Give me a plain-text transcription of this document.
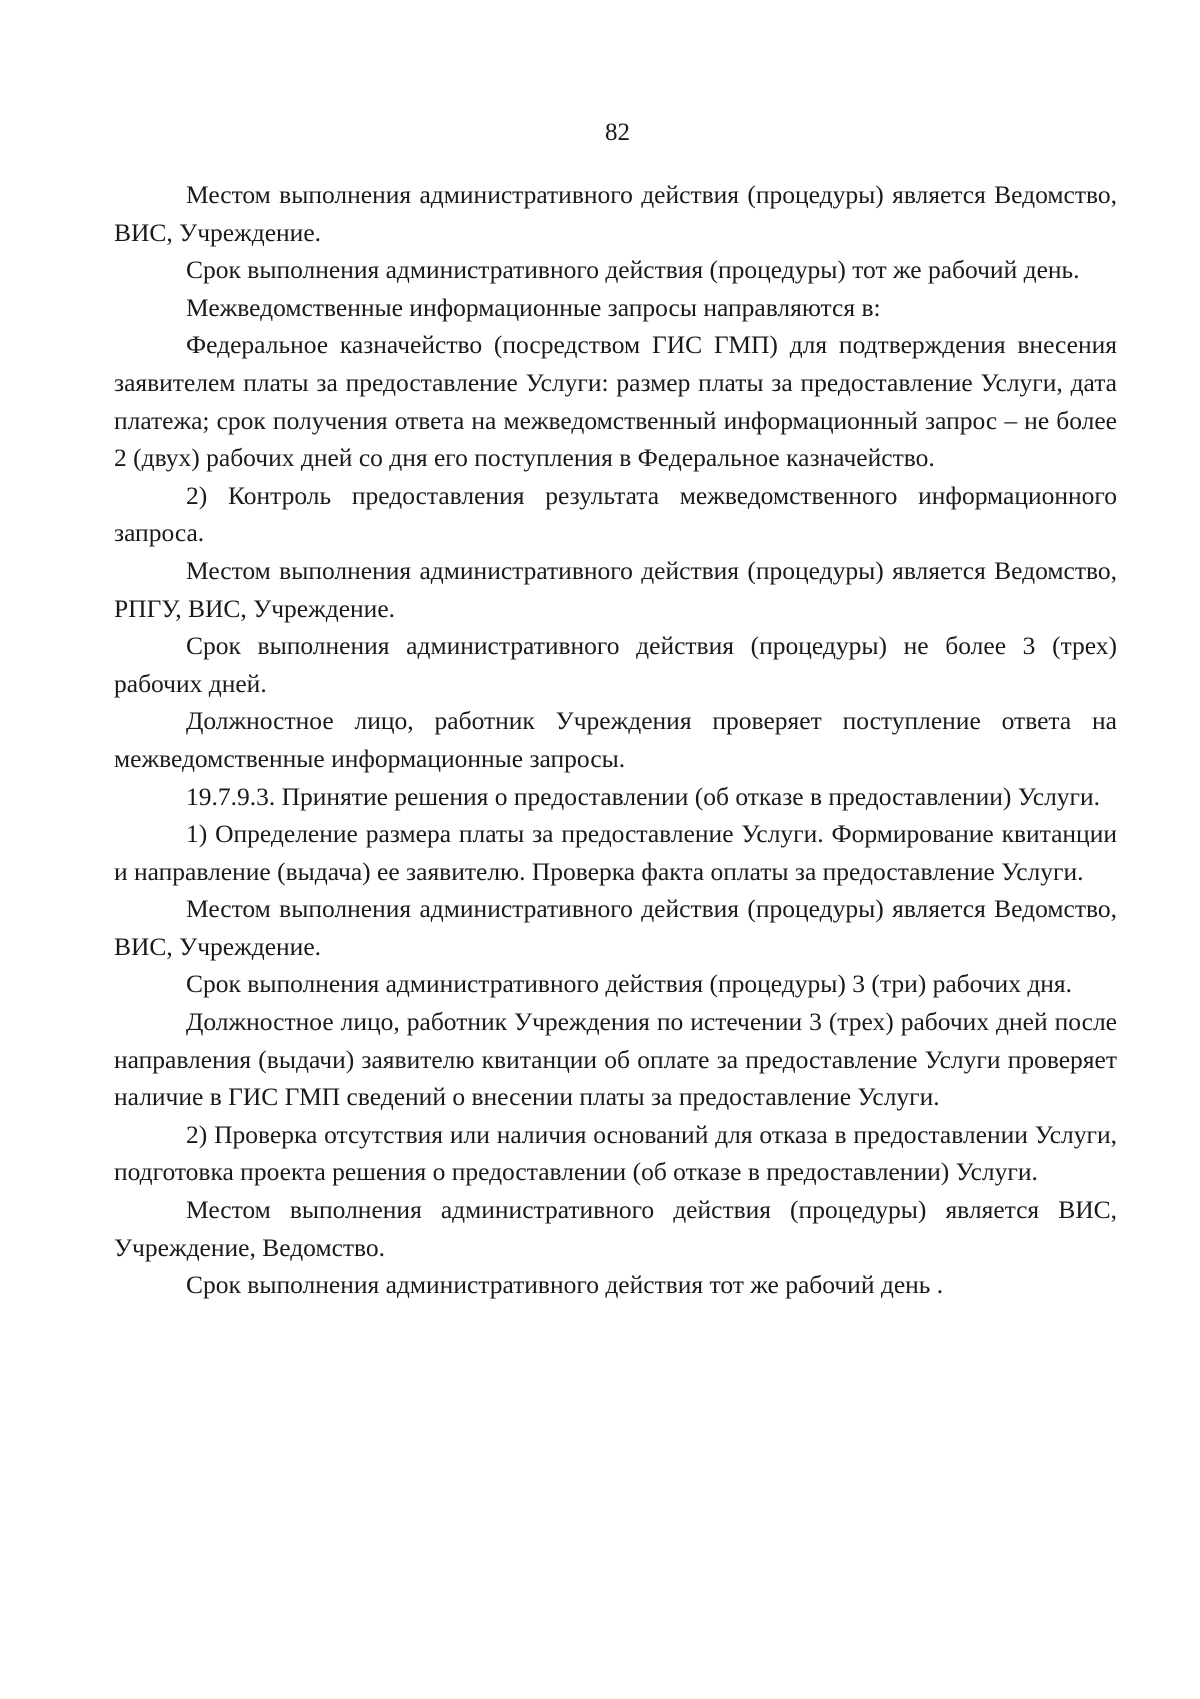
82

Местом выполнения административного действия (процедуры) является Ведомство, ВИС, Учреждение.

Срок выполнения административного действия (процедуры) тот же рабочий день.

Межведомственные информационные запросы направляются в:

Федеральное казначейство (посредством ГИС ГМП) для подтверждения внесения заявителем платы за предоставление Услуги: размер платы за предоставление Услуги, дата платежа; срок получения ответа на межведомственный информационный запрос – не более 2 (двух) рабочих дней со дня его поступления в Федеральное казначейство.

2) Контроль предоставления результата межведомственного информационного запроса.

Местом выполнения административного действия (процедуры) является Ведомство, РПГУ, ВИС, Учреждение.

Срок выполнения административного действия (процедуры) не более 3 (трех) рабочих дней.

Должностное лицо, работник Учреждения проверяет поступление ответа на межведомственные информационные запросы.

19.7.9.3. Принятие решения о предоставлении (об отказе в предоставлении) Услуги.

1) Определение размера платы за предоставление Услуги. Формирование квитанции и направление (выдача) ее заявителю. Проверка факта оплаты за предоставление Услуги.

Местом выполнения административного действия (процедуры) является Ведомство, ВИС, Учреждение.

Срок выполнения административного действия (процедуры) 3 (три) рабочих дня.

Должностное лицо, работник Учреждения по истечении 3 (трех) рабочих дней после направления (выдачи) заявителю квитанции об оплате за предоставление Услуги проверяет наличие в ГИС ГМП сведений о внесении платы за предоставление Услуги.

2) Проверка отсутствия или наличия оснований для отказа в предоставлении Услуги, подготовка проекта решения о предоставлении (об отказе в предоставлении) Услуги.

Местом выполнения административного действия (процедуры) является ВИС, Учреждение, Ведомство.

Срок выполнения административного действия тот же рабочий день .
